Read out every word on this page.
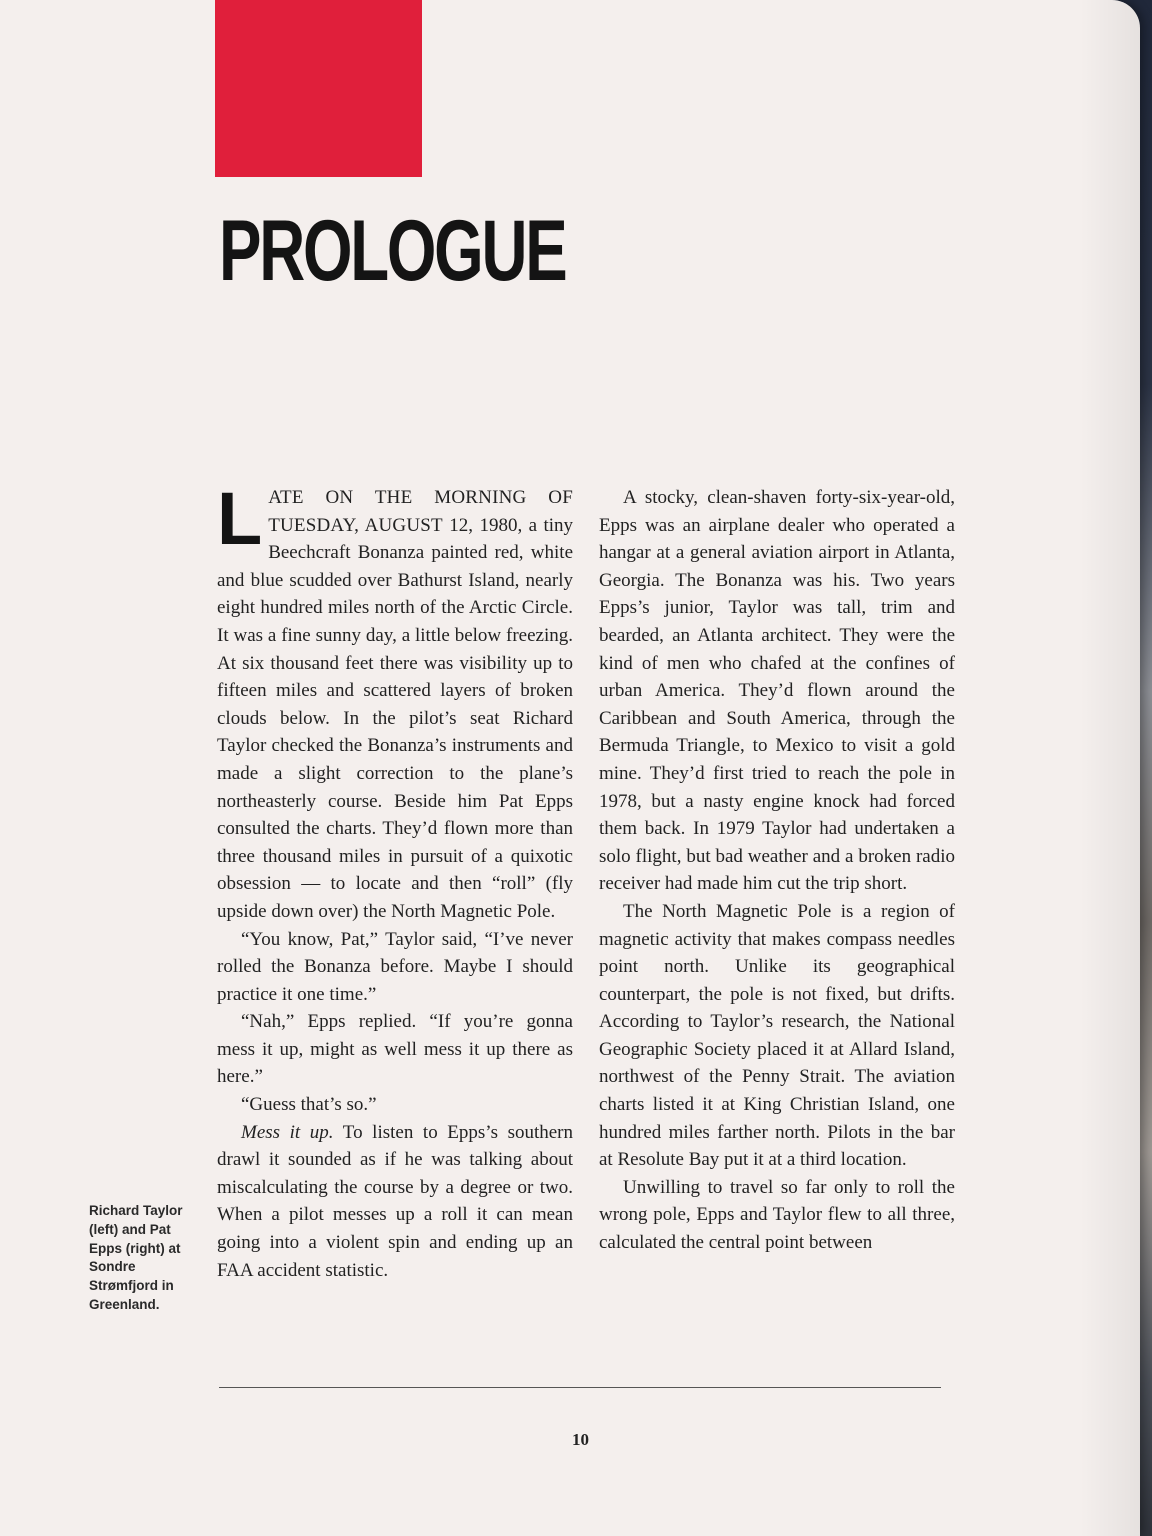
PROLOGUE

LATE ON THE MORNING OF TUESDAY, AUGUST 12, 1980, a tiny Beechcraft Bonanza painted red, white and blue scudded over Bathurst Island, nearly eight hundred miles north of the Arctic Circle. It was a fine sunny day, a little below freezing. At six thousand feet there was visibility up to fifteen miles and scattered layers of broken clouds below. In the pilot’s seat Richard Taylor checked the Bonanza’s instruments and made a slight correction to the plane’s northeasterly course. Beside him Pat Epps consulted the charts. They’d flown more than three thousand miles in pursuit of a quixotic obsession — to locate and then “roll” (fly upside down over) the North Magnetic Pole.

“You know, Pat,” Taylor said, “I’ve never rolled the Bonanza before. Maybe I should practice it one time.”

“Nah,” Epps replied. “If you’re gonna mess it up, might as well mess it up there as here.”

“Guess that’s so.”

Mess it up. To listen to Epps’s southern drawl it sounded as if he was talking about miscalculating the course by a degree or two. When a pilot messes up a roll it can mean going into a violent spin and ending up an FAA accident statistic.

A stocky, clean-shaven forty-six-year-old, Epps was an airplane dealer who operated a hangar at a general aviation airport in Atlanta, Georgia. The Bonanza was his. Two years Epps’s junior, Taylor was tall, trim and bearded, an Atlanta architect. They were the kind of men who chafed at the confines of urban America. They’d flown around the Caribbean and South America, through the Bermuda Triangle, to Mexico to visit a gold mine. They’d first tried to reach the pole in 1978, but a nasty engine knock had forced them back. In 1979 Taylor had undertaken a solo flight, but bad weather and a broken radio receiver had made him cut the trip short.

The North Magnetic Pole is a region of magnetic activity that makes compass needles point north. Unlike its geographical counterpart, the pole is not fixed, but drifts. According to Taylor’s research, the National Geographic Society placed it at Allard Island, northwest of the Penny Strait. The aviation charts listed it at King Christian Island, one hundred miles farther north. Pilots in the bar at Resolute Bay put it at a third location.

Unwilling to travel so far only to roll the wrong pole, Epps and Taylor flew to all three, calculated the central point between

Richard Taylor (left) and Pat Epps (right) at Sondre Strømfjord in Greenland.

10
